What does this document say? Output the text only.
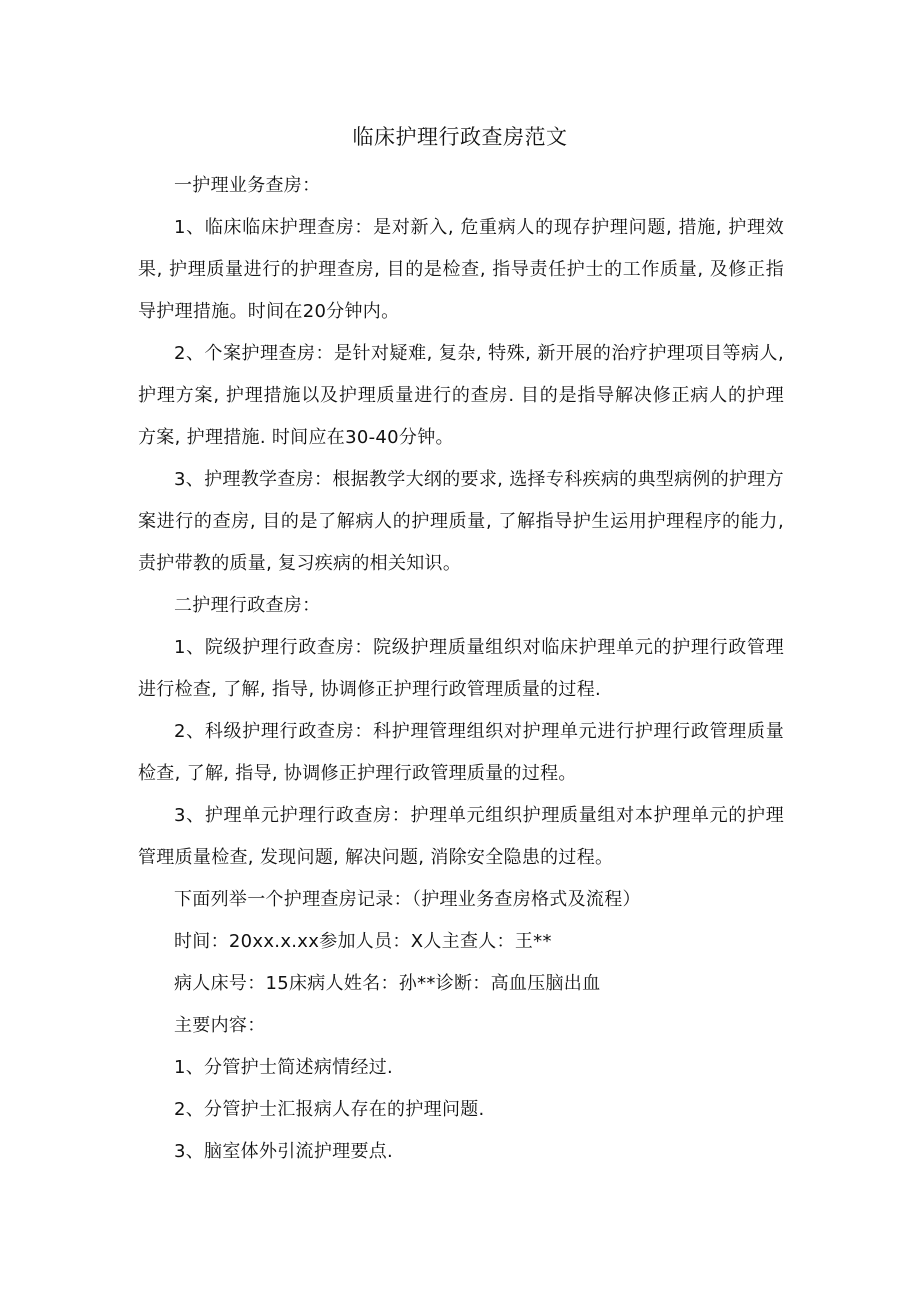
临床护理行政查房范文

一护理业务查房：

1、临床临床护理查房：是对新入, 危重病人的现存护理问题, 措施, 护理效果, 护理质量进行的护理查房, 目的是检查, 指导责任护士的工作质量, 及修正指导护理措施。时间在20分钟内。

2、个案护理查房：是针对疑难, 复杂, 特殊, 新开展的治疗护理项目等病人, 护理方案, 护理措施以及护理质量进行的查房. 目的是指导解决修正病人的护理方案, 护理措施. 时间应在30-40分钟。

3、护理教学查房：根据教学大纲的要求, 选择专科疾病的典型病例的护理方案进行的查房, 目的是了解病人的护理质量, 了解指导护生运用护理程序的能力, 责护带教的质量, 复习疾病的相关知识。

二护理行政查房：

1、院级护理行政查房：院级护理质量组织对临床护理单元的护理行政管理进行检查, 了解, 指导, 协调修正护理行政管理质量的过程.

2、科级护理行政查房：科护理管理组织对护理单元进行护理行政管理质量检查, 了解, 指导, 协调修正护理行政管理质量的过程。

3、护理单元护理行政查房：护理单元组织护理质量组对本护理单元的护理管理质量检查, 发现问题, 解决问题, 消除安全隐患的过程。

下面列举一个护理查房记录：（护理业务查房格式及流程）

时间：20xx.x.xx参加人员：X人主查人：王**

病人床号：15床病人姓名：孙**诊断：高血压脑出血

主要内容：

1、分管护士简述病情经过.

2、分管护士汇报病人存在的护理问题.

3、脑室体外引流护理要点.
